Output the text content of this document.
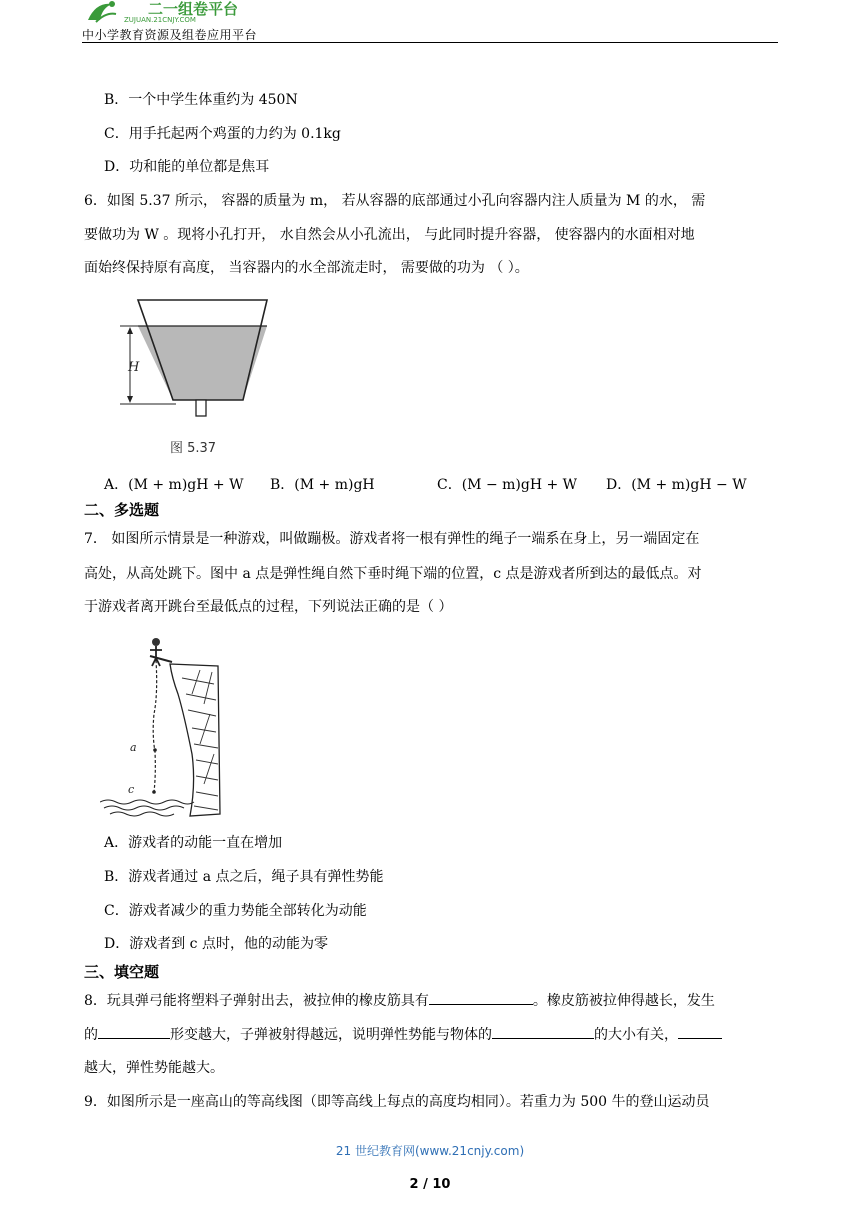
二一组卷平台
ZUJUAN.21CNJY.COM
中小学教育资源及组卷应用平台
B．一个中学生体重约为 450N
C．用手托起两个鸡蛋的力约为 0.1kg
D．功和能的单位都是焦耳
6．如图 5.37 所示， 容器的质量为 m， 若从容器的底部通过小孔向容器内注人质量为 M 的水， 需
要做功为 W 。现将小孔打开， 水自然会从小孔流出， 与此同时提升容器， 使容器内的水面相对地
面始终保持原有高度， 当容器内的水全部流走时， 需要做的功为 （ ）。
H
图 5.37
A．(M + m)gH + W B．(M + m)gH	C．(M − m)gH + W D．(M + m)gH − W
二、多选题
7． 如图所示情景是一种游戏，叫做蹦极。游戏者将一根有弹性的绳子一端系在身上，另一端固定在
高处，从高处跳下。图中 a 点是弹性绳自然下垂时绳下端的位置，c 点是游戏者所到达的最低点。对
于游戏者离开跳台至最低点的过程，下列说法正确的是（ ）
a
c
A．游戏者的动能一直在增加
B．游戏者通过 a 点之后，绳子具有弹性势能
C．游戏者减少的重力势能全部转化为动能
D．游戏者到 c 点时，他的动能为零
三、填空题
8．玩具弹弓能将塑料子弹射出去，被拉伸的橡皮筋具有	。橡皮筋被拉伸得越长，发生
的	形变越大，子弹被射得越远，说明弹性势能与物体的	的大小有关，
越大，弹性势能越大。
9．如图所示是一座高山的等高线图（即等高线上每点的高度均相同）。若重力为 500 牛的登山运动员
21 世纪教育网(www.21cnjy.com)
2 / 10
